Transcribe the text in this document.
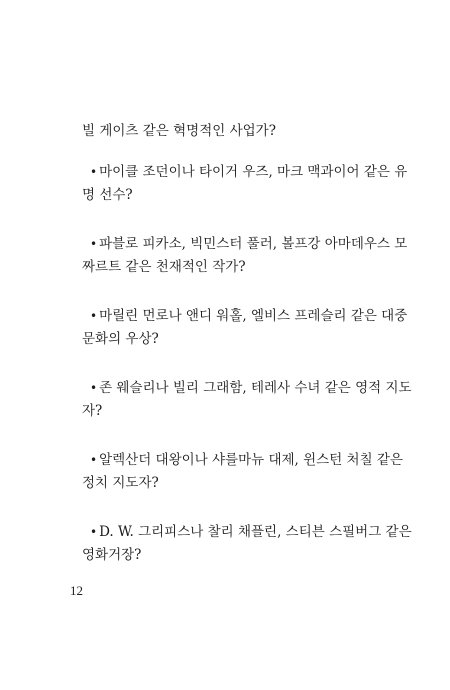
빌 게이츠 같은 혁명적인 사업가?
• 마이클 조던이나 타이거 우즈, 마크 맥과이어 같은 유
명 선수?
• 파블로 피카소, 빅민스터 풀러, 볼프강 아마데우스 모
짜르트 같은 천재적인 작가?
• 마릴린 먼로나 앤디 워홀, 엘비스 프레슬리 같은 대중
문화의 우상?
• 존 웨슬리나 빌리 그래함, 테레사 수녀 같은 영적 지도
자?
• 알렉산더 대왕이나 샤를마뉴 대제, 윈스턴 처칠 같은
정치 지도자?
• D. W. 그리피스나 찰리 채플린, 스티븐 스필버그 같은
영화거장?
12
